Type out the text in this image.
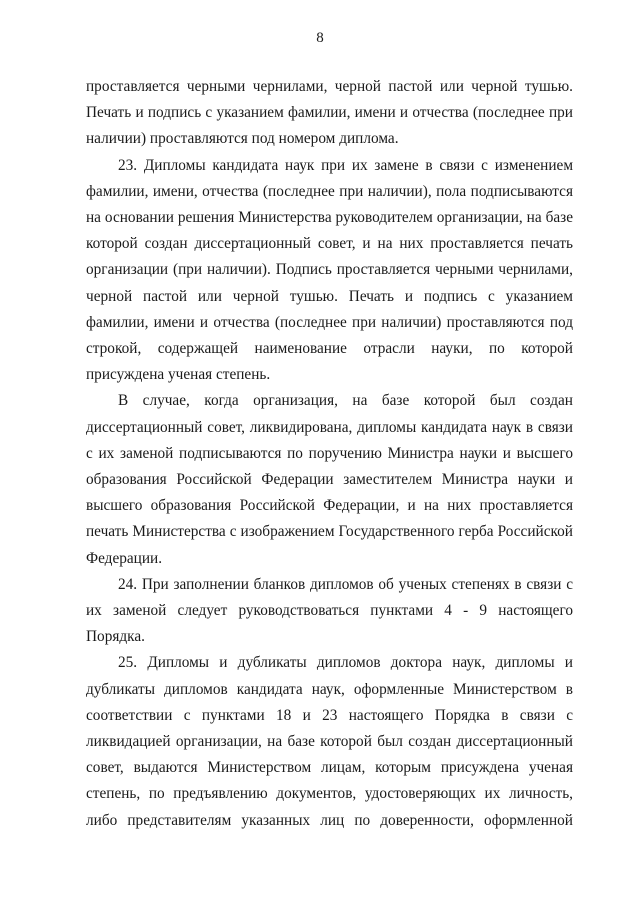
8

проставляется черными чернилами, черной пастой или черной тушью. Печать и подпись с указанием фамилии, имени и отчества (последнее при наличии) проставляются под номером диплома.

23. Дипломы кандидата наук при их замене в связи с изменением фамилии, имени, отчества (последнее при наличии), пола подписываются на основании решения Министерства руководителем организации, на базе которой создан диссертационный совет, и на них проставляется печать организации (при наличии). Подпись проставляется черными чернилами, черной пастой или черной тушью. Печать и подпись с указанием фамилии, имени и отчества (последнее при наличии) проставляются под строкой, содержащей наименование отрасли науки, по которой присуждена ученая степень.

В случае, когда организация, на базе которой был создан диссертационный совет, ликвидирована, дипломы кандидата наук в связи с их заменой подписываются по поручению Министра науки и высшего образования Российской Федерации заместителем Министра науки и высшего образования Российской Федерации, и на них проставляется печать Министерства с изображением Государственного герба Российской Федерации.

24. При заполнении бланков дипломов об ученых степенях в связи с их заменой следует руководствоваться пунктами 4 - 9 настоящего Порядка.

25. Дипломы и дубликаты дипломов доктора наук, дипломы и дубликаты дипломов кандидата наук, оформленные Министерством в соответствии с пунктами 18 и 23 настоящего Порядка в связи с ликвидацией организации, на базе которой был создан диссертационный совет, выдаются Министерством лицам, которым присуждена ученая степень, по предъявлению документов, удостоверяющих их личность, либо представителям указанных лиц по доверенности, оформленной
